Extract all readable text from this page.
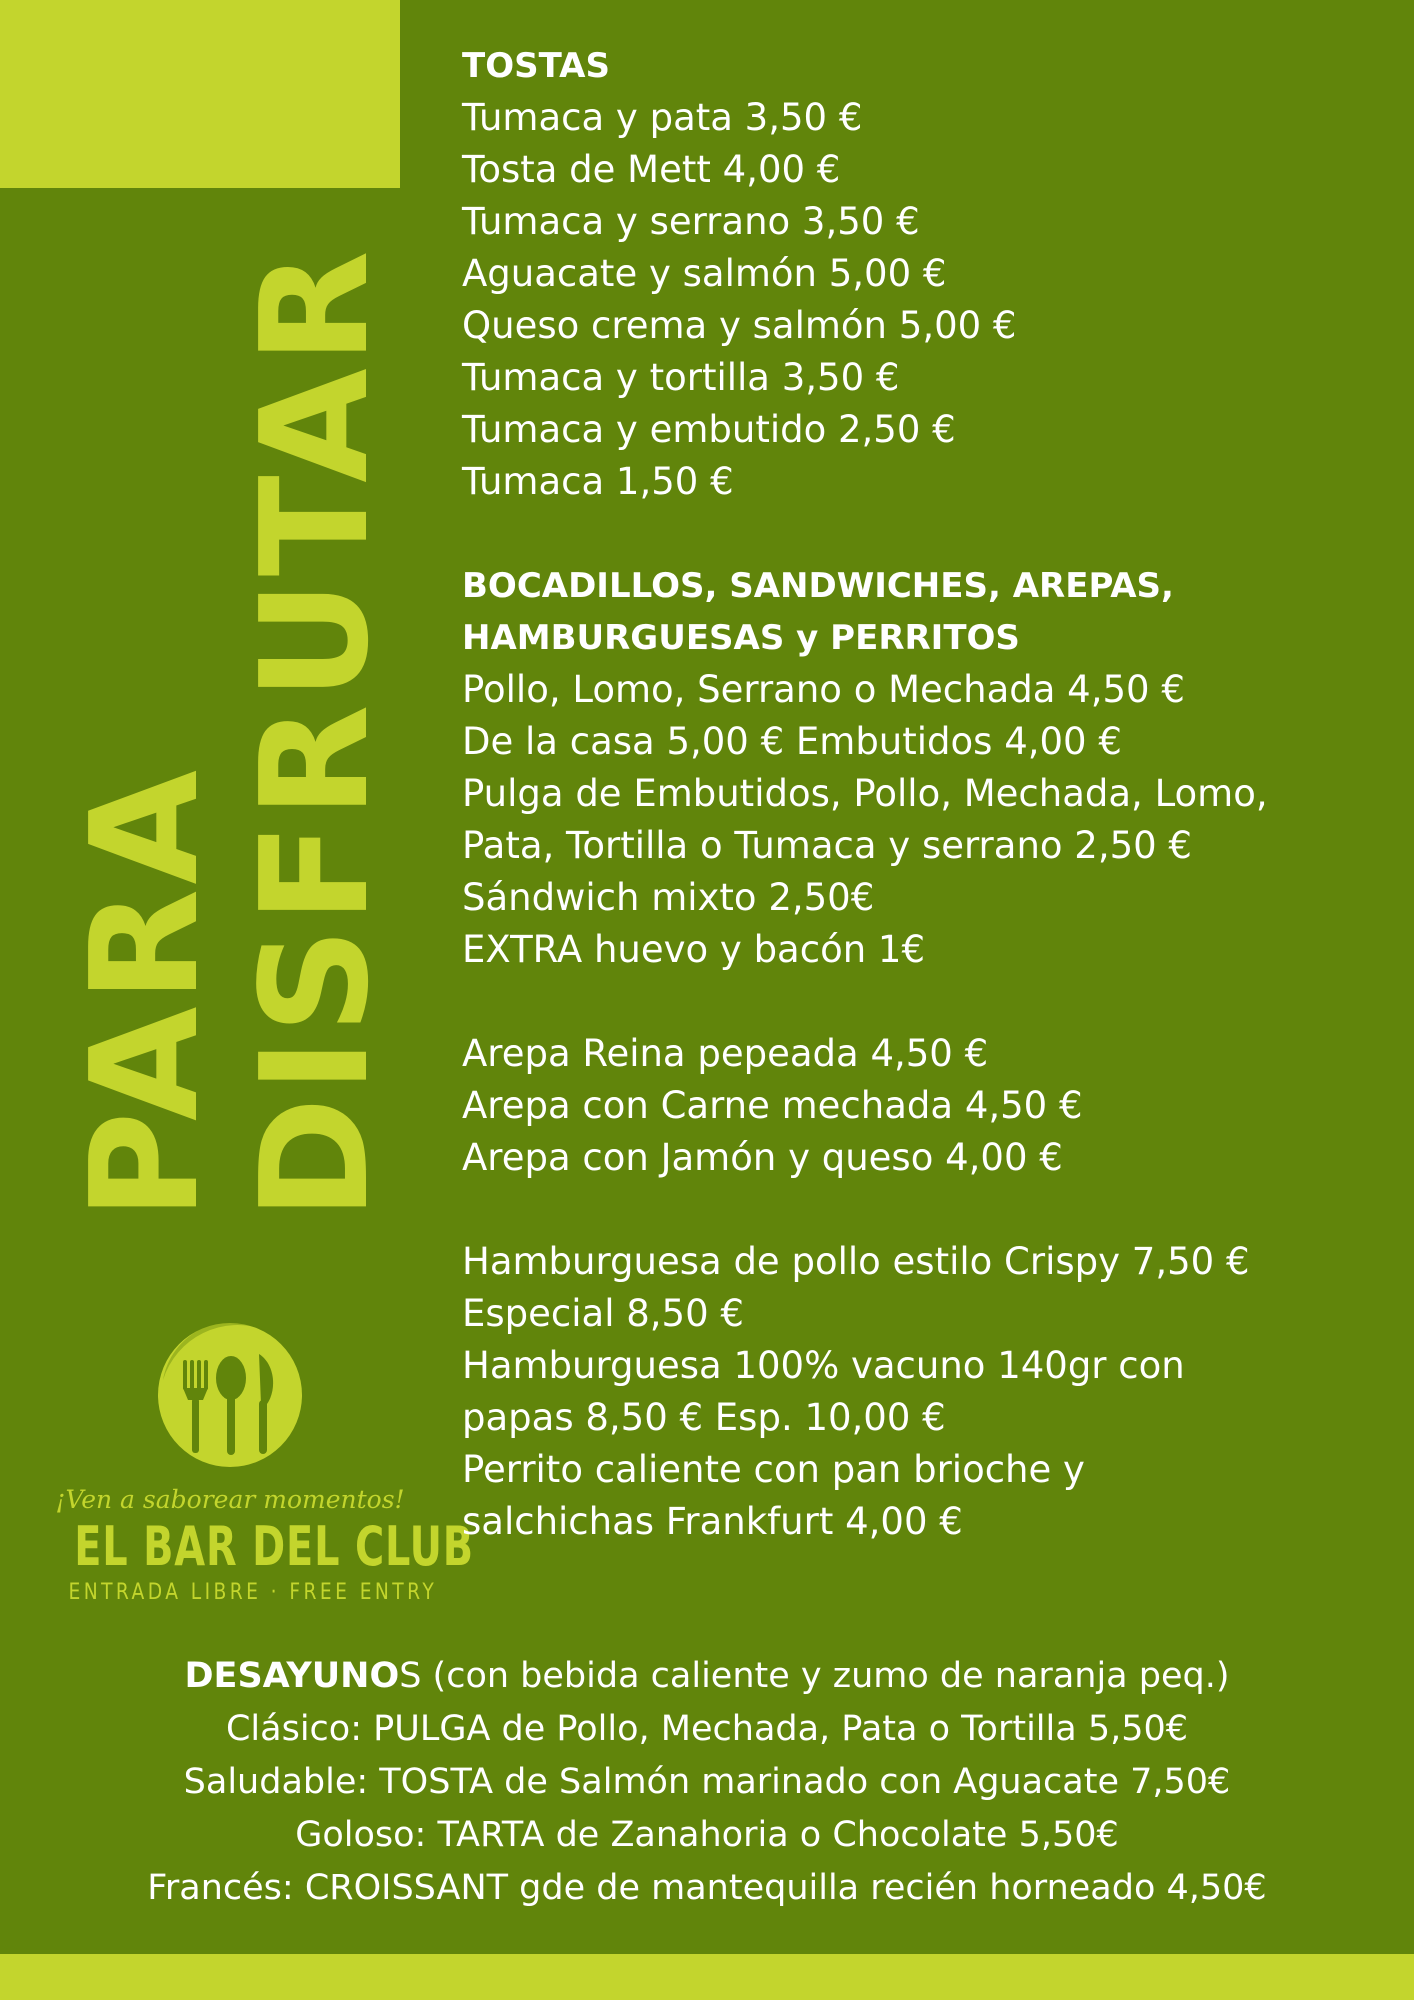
PARA
DISFRUTAR
¡Ven a saborear momentos!
EL BAR DEL CLUB
ENTRADA LIBRE · FREE ENTRY
TOSTAS
Tumaca y pata 3,50 €
Tosta de Mett 4,00 €
Tumaca y serrano 3,50 €
Aguacate y salmón 5,00 €
Queso crema y salmón 5,00 €
Tumaca y tortilla 3,50 €
Tumaca y embutido 2,50 €
Tumaca 1,50 €
BOCADILLOS, SANDWICHES, AREPAS,
HAMBURGUESAS y PERRITOS
Pollo, Lomo, Serrano o Mechada 4,50 €
De la casa 5,00 € Embutidos 4,00 €
Pulga de Embutidos, Pollo, Mechada, Lomo,
Pata, Tortilla o Tumaca y serrano 2,50 €
Sándwich mixto 2,50€
EXTRA huevo y bacón 1€
Arepa Reina pepeada 4,50 €
Arepa con Carne mechada 4,50 €
Arepa con Jamón y queso 4,00 €
Hamburguesa de pollo estilo Crispy 7,50 €
Especial 8,50 €
Hamburguesa 100% vacuno 140gr con
papas 8,50 € Esp. 10,00 €
Perrito caliente con pan brioche y
salchichas Frankfurt 4,00 €
DESAYUNOS (con bebida caliente y zumo de naranja peq.)
Clásico: PULGA de Pollo, Mechada, Pata o Tortilla 5,50€
Saludable: TOSTA de Salmón marinado con Aguacate 7,50€
Goloso: TARTA de Zanahoria o Chocolate 5,50€
Francés: CROISSANT gde de mantequilla recién horneado 4,50€
